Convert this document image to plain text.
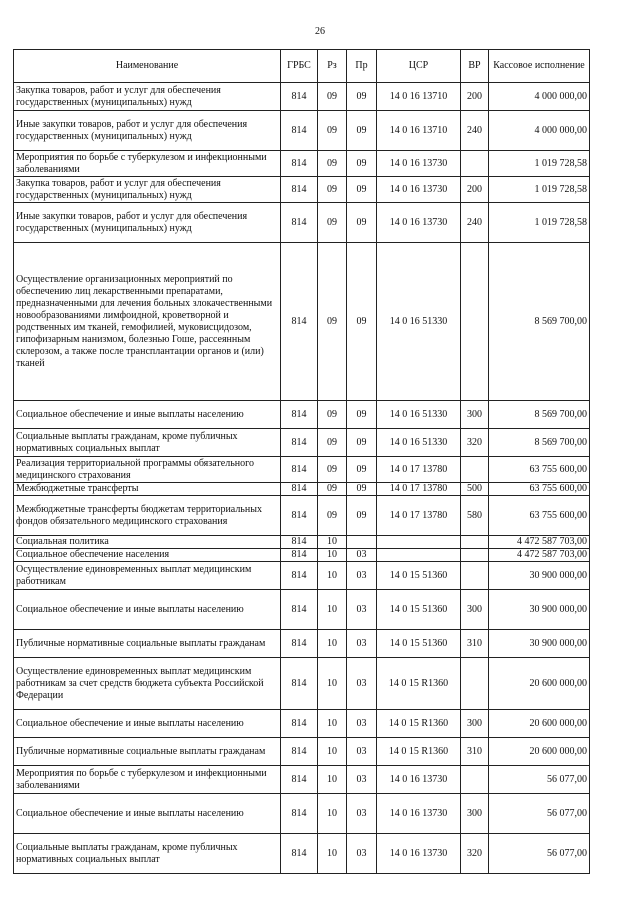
26
Наименование	ГРБС	Рз	Пр	ЦСР	ВР	Кассовое исполнение
Закупка товаров, работ и услуг для обеспечения государственных (муниципальных) нужд	814	09	09	14 0 16 13710	200	4 000 000,00
Иные закупки товаров, работ и услуг для обеспечения государственных (муниципальных) нужд	814	09	09	14 0 16 13710	240	4 000 000,00
Мероприятия по борьбе с туберкулезом и инфекционными заболеваниями	814	09	09	14 0 16 13730		1 019 728,58
Закупка товаров, работ и услуг для обеспечения государственных (муниципальных) нужд	814	09	09	14 0 16 13730	200	1 019 728,58
Иные закупки товаров, работ и услуг для обеспечения государственных (муниципальных) нужд	814	09	09	14 0 16 13730	240	1 019 728,58
Осуществление организационных мероприятий по обеспечению лиц лекарственными препаратами, предназначенными для лечения больных злокачественными новообразованиями лимфоидной, кроветворной и родственных им тканей, гемофилией, муковисцидозом, гипофизарным нанизмом, болезнью Гоше, рассеянным склерозом, а также после трансплантации органов и (или) тканей	814	09	09	14 0 16 51330		8 569 700,00
Социальное обеспечение и иные выплаты населению	814	09	09	14 0 16 51330	300	8 569 700,00
Социальные выплаты гражданам, кроме публичных нормативных социальных выплат	814	09	09	14 0 16 51330	320	8 569 700,00
Реализация территориальной программы обязательного медицинского страхования	814	09	09	14 0 17 13780		63 755 600,00
Межбюджетные трансферты	814	09	09	14 0 17 13780	500	63 755 600,00
Межбюджетные трансферты бюджетам территориальных фондов обязательного медицинского страхования	814	09	09	14 0 17 13780	580	63 755 600,00
Социальная политика	814	10				4 472 587 703,00
Социальное обеспечение населения	814	10	03			4 472 587 703,00
Осуществление единовременных выплат медицинским работникам	814	10	03	14 0 15 51360		30 900 000,00
Социальное обеспечение и иные выплаты населению	814	10	03	14 0 15 51360	300	30 900 000,00
Публичные нормативные социальные выплаты гражданам	814	10	03	14 0 15 51360	310	30 900 000,00
Осуществление единовременных выплат медицинским работникам за счет средств бюджета субъекта Российской Федерации	814	10	03	14 0 15 R1360		20 600 000,00
Социальное обеспечение и иные выплаты населению	814	10	03	14 0 15 R1360	300	20 600 000,00
Публичные нормативные социальные выплаты гражданам	814	10	03	14 0 15 R1360	310	20 600 000,00
Мероприятия по борьбе с туберкулезом и инфекционными заболеваниями	814	10	03	14 0 16 13730		56 077,00
Социальное обеспечение и иные выплаты населению	814	10	03	14 0 16 13730	300	56 077,00
Социальные выплаты гражданам, кроме публичных нормативных социальных выплат	814	10	03	14 0 16 13730	320	56 077,00
